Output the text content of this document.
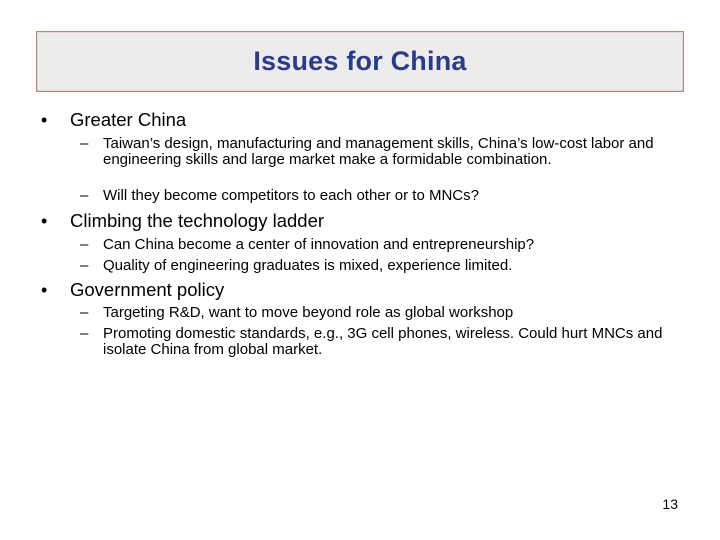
Issues for China
• Greater China
– Taiwan’s design, manufacturing and management skills, China’s low-cost labor and engineering skills and large market make a formidable combination.
– Will they become competitors to each other or to MNCs?
• Climbing the technology ladder
– Can China become a center of innovation and entrepreneurship?
– Quality of engineering graduates is mixed, experience limited.
• Government policy
– Targeting R&D, want to move beyond role as global workshop
– Promoting domestic standards, e.g., 3G cell phones, wireless. Could hurt MNCs and isolate China from global market.
13
